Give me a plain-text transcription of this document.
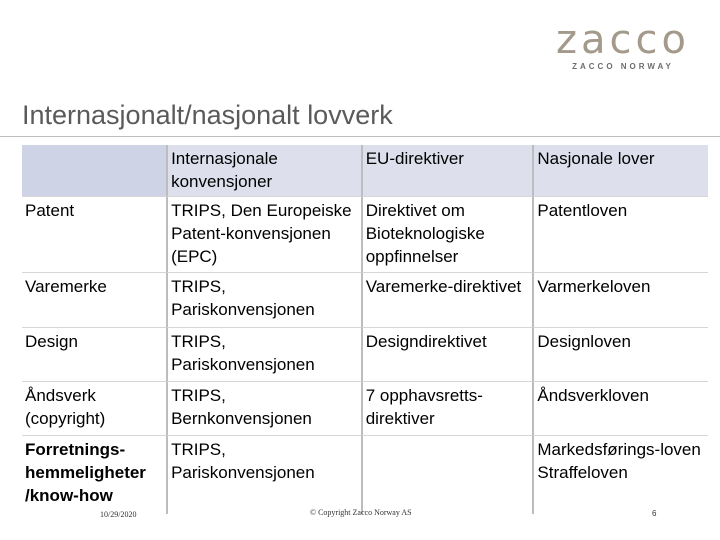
zacco
ZACCO NORWAY
Internasjonalt/nasjonalt lovverk
	Internasjonale konvensjoner	EU-direktiver	Nasjonale lover
Patent	TRIPS, Den Europeiske Patent-konvensjonen (EPC)	Direktivet om Bioteknologiske oppfinnelser	Patentloven
Varemerke	TRIPS, Pariskonvensjonen	Varemerke-direktivet	Varmerkeloven
Design	TRIPS, Pariskonvensjonen	Designdirektivet	Designloven
Åndsverk (copyright)	TRIPS, Bernkonvensjonen	7 opphavsretts-direktiver	Åndsverkloven
Forretnings-hemmeligheter /know-how	TRIPS, Pariskonvensjonen		Markedsførings-loven Straffeloven
10/29/2020	© Copyright Zacco Norway AS	6
